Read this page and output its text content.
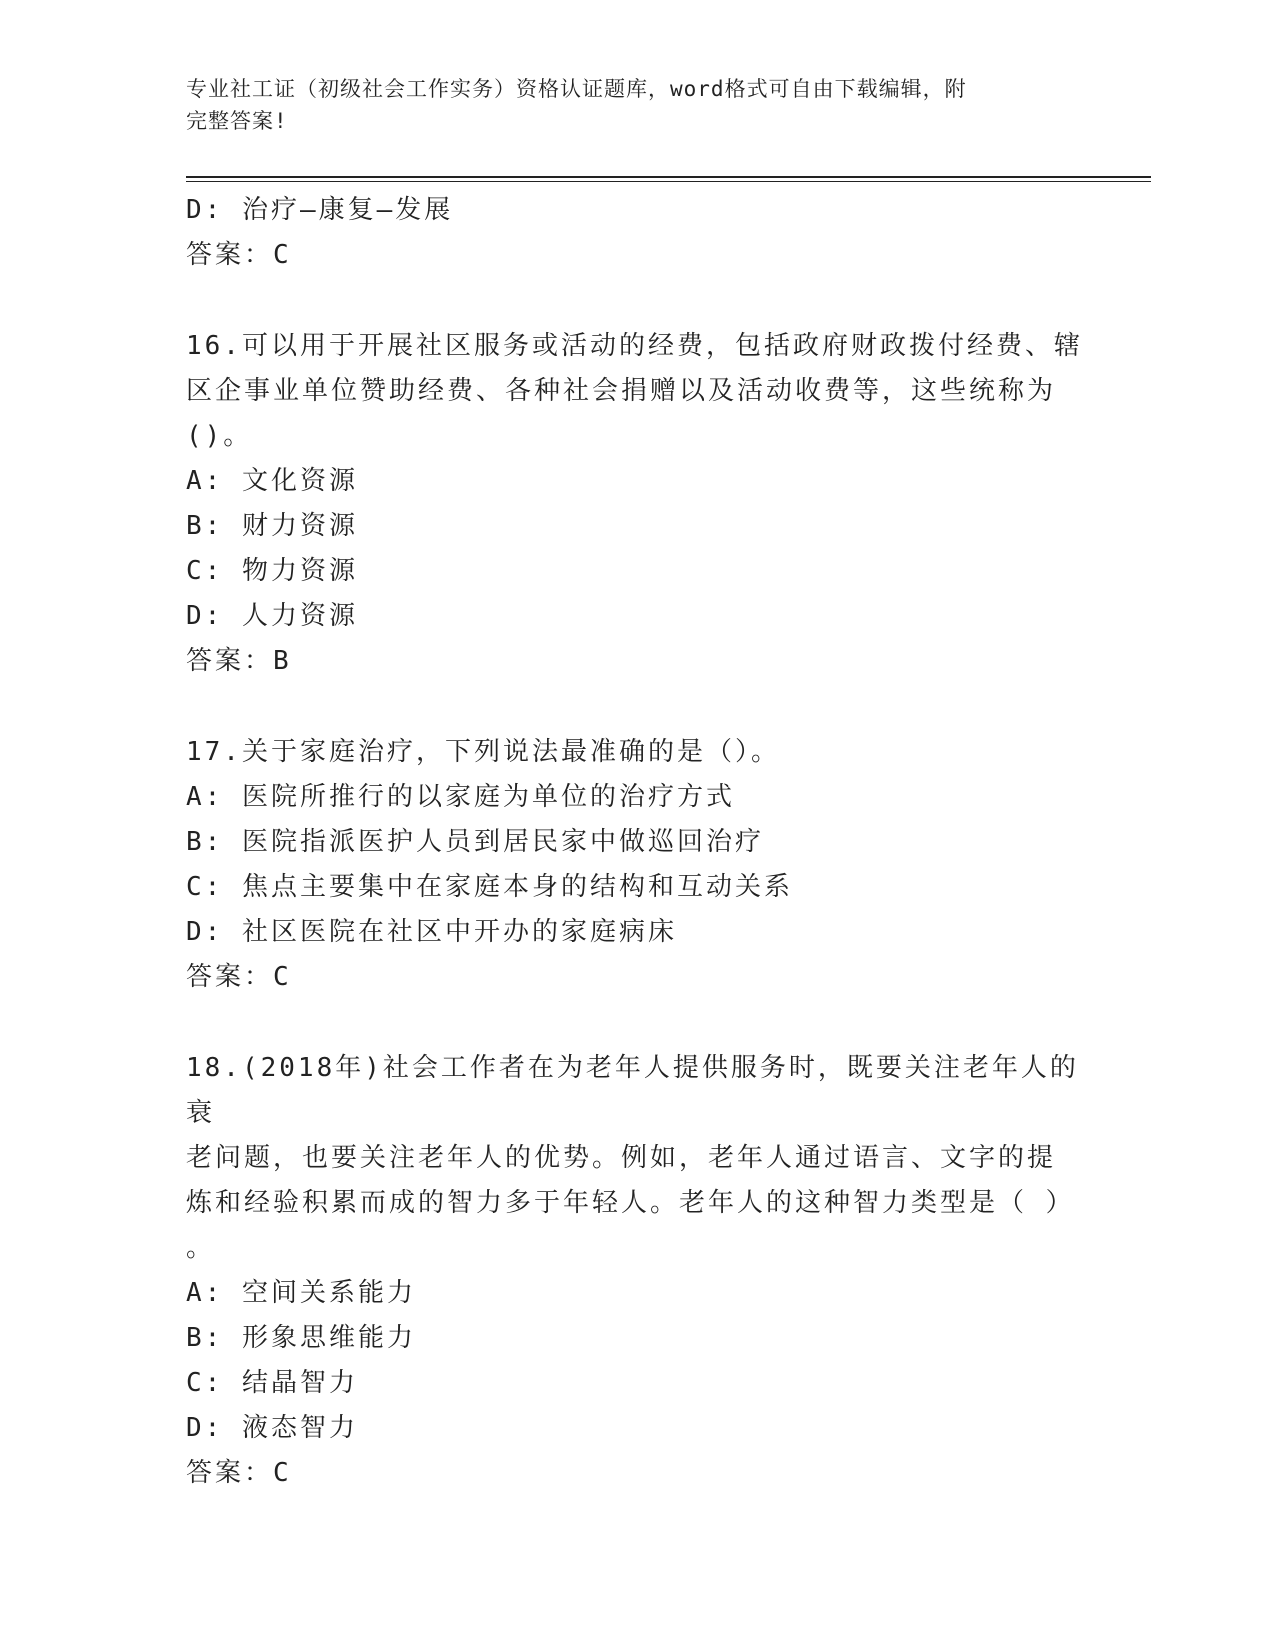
专业社工证（初级社会工作实务）资格认证题库，word格式可自由下载编辑，附
完整答案!
D: 治疗—康复—发展
答案：C
16.可以用于开展社区服务或活动的经费，包括政府财政拨付经费、辖
区企事业单位赞助经费、各种社会捐赠以及活动收费等，这些统称为
()。
A: 文化资源
B: 财力资源
C: 物力资源
D: 人力资源
答案：B
17.关于家庭治疗，下列说法最准确的是（）。
A: 医院所推行的以家庭为单位的治疗方式
B: 医院指派医护人员到居民家中做巡回治疗
C: 焦点主要集中在家庭本身的结构和互动关系
D: 社区医院在社区中开办的家庭病床
答案：C
18.(2018年)社会工作者在为老年人提供服务时，既要关注老年人的衰
老问题，也要关注老年人的优势。例如，老年人通过语言、文字的提
炼和经验积累而成的智力多于年轻人。老年人的这种智力类型是（ ）
。
A: 空间关系能力
B: 形象思维能力
C: 结晶智力
D: 液态智力
答案：C
